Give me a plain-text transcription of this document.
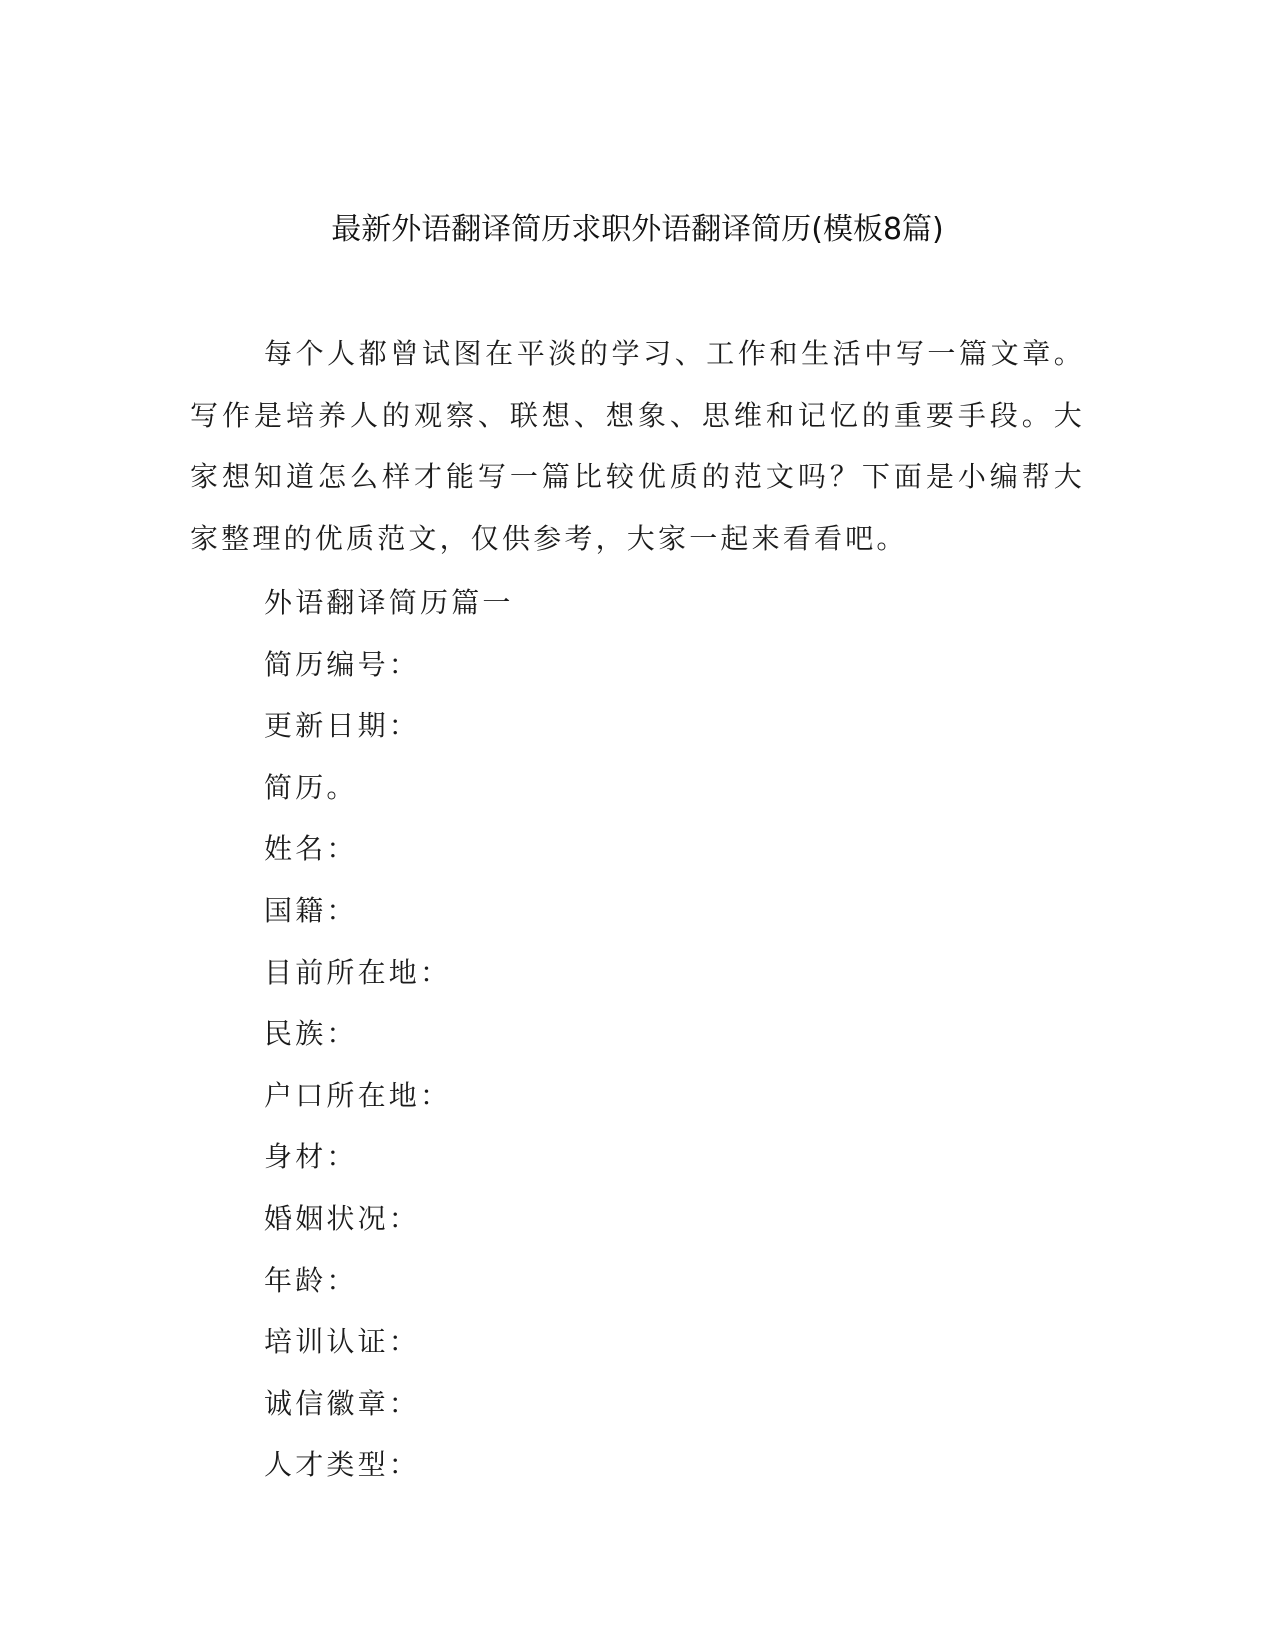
最新外语翻译简历求职外语翻译简历(模板8篇)

每个人都曾试图在平淡的学习、工作和生活中写一篇文章。写作是培养人的观察、联想、想象、思维和记忆的重要手段。大家想知道怎么样才能写一篇比较优质的范文吗？下面是小编帮大家整理的优质范文，仅供参考，大家一起来看看吧。

外语翻译简历篇一
简历编号：
更新日期：
简历。
姓名：
国籍：
目前所在地：
民族：
户口所在地：
身材：
婚姻状况：
年龄：
培训认证：
诚信徽章：
人才类型：
